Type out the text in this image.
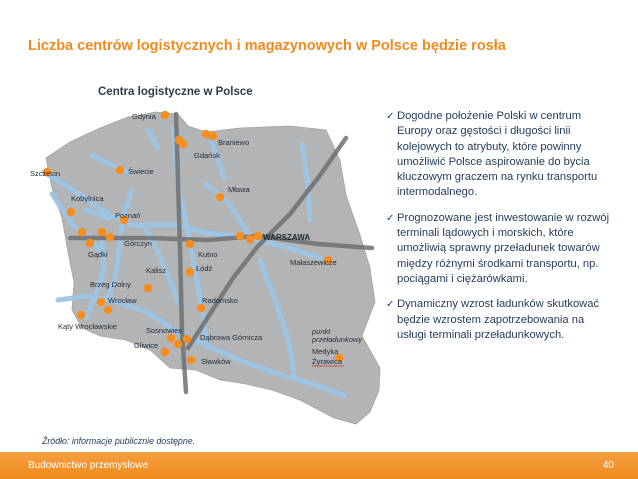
Liczba centrów logistycznych i magazynowych w Polsce będzie rosła
Centra logistyczne w Polsce
Gdynia
Braniewo
Gdańsk
Szczecin	Świecie
Mława
Kobylnica
Poznań
Górczyn
Gądki
WARSZAWA
Kutno
Łódź
Małaszewicze
Kalisz
Brzeg Dolny
Wrocław	Radomsko
Kąty Wrocławskie	Sosnowiec
Gliwice
Dąbrowa Górnicza
Sławków
punkt
przeładunkowy
Medyka
Żyrawica
✓ Dogodne położenie Polski w centrum Europy oraz gęstości i długości linii kolejowych to atrybuty, które powinny umożliwić Polsce aspirowanie do bycia kluczowym graczem na rynku transportu intermodalnego.
✓ Prognozowane jest inwestowanie w rozwój terminali lądowych i morskich, które umożliwią sprawny przeładunek towarów między różnymi środkami transportu, np. pociągami i ciężarówkami.
✓ Dynamiczny wzrost ładunków skutkować będzie wzrostem zapotrzebowania na usługi terminali przeładunkowych.
Źródło: informacje publicznie dostępne.
Budownictwo przemysłowe	40
